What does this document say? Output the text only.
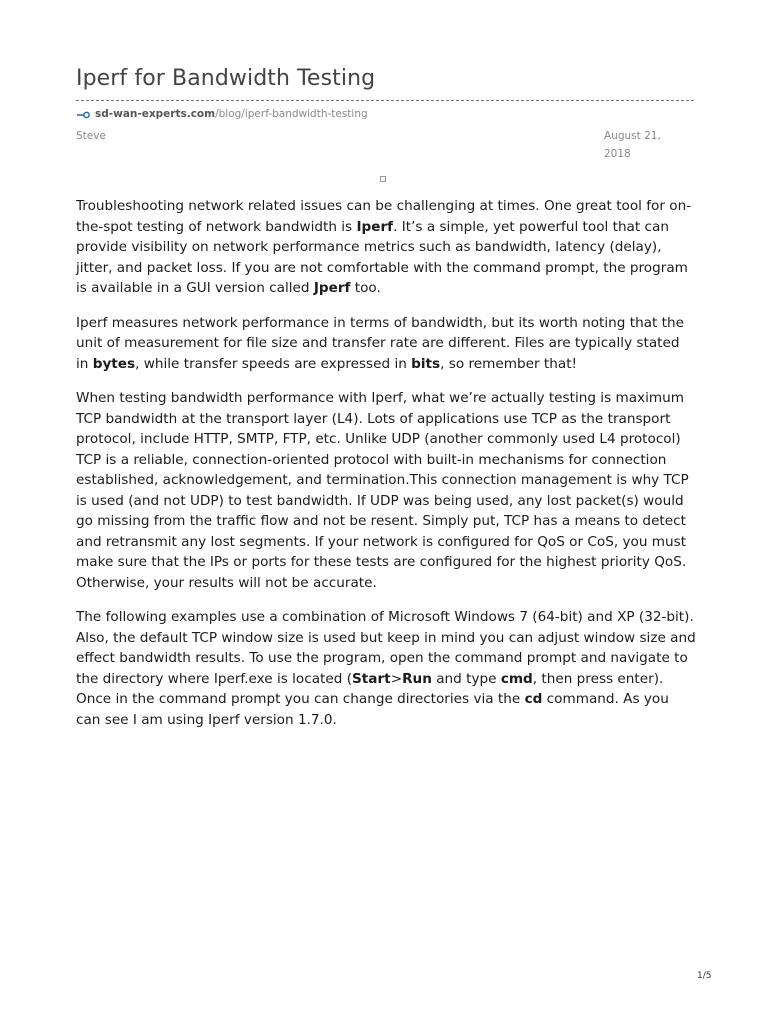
Iperf for Bandwidth Testing
sd-wan-experts.com /blog/iperf-bandwidth-testing
Steve	August 21,
2018

Troubleshooting network related issues can be challenging at times. One great tool for on-the-spot testing of network bandwidth is Iperf. It’s a simple, yet powerful tool that can provide visibility on network performance metrics such as bandwidth, latency (delay), jitter, and packet loss. If you are not comfortable with the command prompt, the program is available in a GUI version called Jperf too.

Iperf measures network performance in terms of bandwidth, but its worth noting that the unit of measurement for file size and transfer rate are different. Files are typically stated in bytes, while transfer speeds are expressed in bits, so remember that!

When testing bandwidth performance with Iperf, what we’re actually testing is maximum TCP bandwidth at the transport layer (L4). Lots of applications use TCP as the transport protocol, include HTTP, SMTP, FTP, etc. Unlike UDP (another commonly used L4 protocol) TCP is a reliable, connection-oriented protocol with built-in mechanisms for connection established, acknowledgement, and termination.This connection management is why TCP is used (and not UDP) to test bandwidth. If UDP was being used, any lost packet(s) would go missing from the traffic flow and not be resent. Simply put, TCP has a means to detect and retransmit any lost segments. If your network is configured for QoS or CoS, you must make sure that the IPs or ports for these tests are configured for the highest priority QoS. Otherwise, your results will not be accurate.

The following examples use a combination of Microsoft Windows 7 (64-bit) and XP (32-bit). Also, the default TCP window size is used but keep in mind you can adjust window size and effect bandwidth results. To use the program, open the command prompt and navigate to the directory where Iperf.exe is located (Start>Run and type cmd, then press enter). Once in the command prompt you can change directories via the cd command. As you can see I am using Iperf version 1.7.0.

1/5
